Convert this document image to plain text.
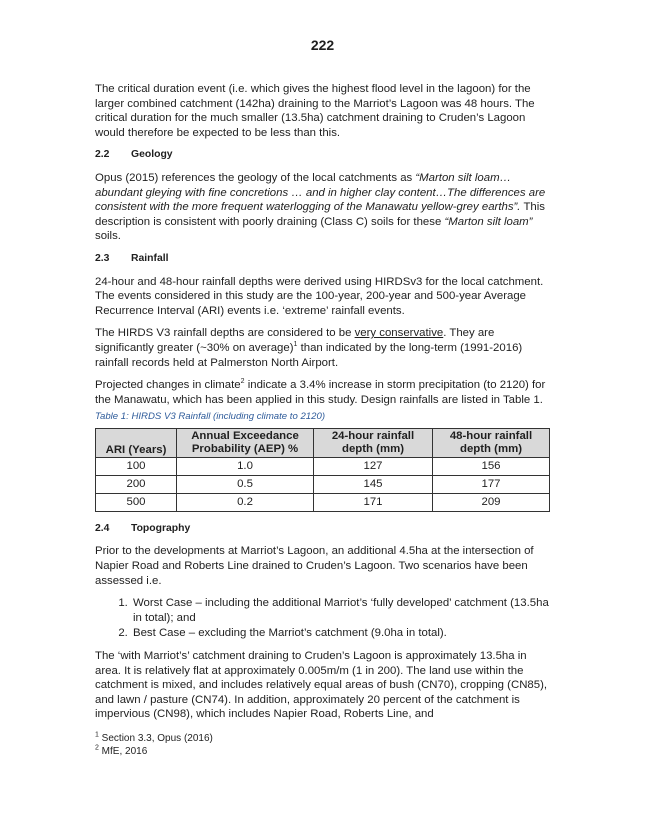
222

The critical duration event (i.e. which gives the highest flood level in the lagoon) for the larger combined catchment (142ha) draining to the Marriot’s Lagoon was 48 hours. The critical duration for the much smaller (13.5ha) catchment draining to Cruden’s Lagoon would therefore be expected to be less than this.

2.2 Geology

Opus (2015) references the geology of the local catchments as “Marton silt loam…abundant gleying with fine concretions … and in higher clay content…The differences are consistent with the more frequent waterlogging of the Manawatu yellow-grey earths”. This description is consistent with poorly draining (Class C) soils for these “Marton silt loam” soils.

2.3 Rainfall

24-hour and 48-hour rainfall depths were derived using HIRDSv3 for the local catchment. The events considered in this study are the 100-year, 200-year and 500-year Average Recurrence Interval (ARI) events i.e. ‘extreme’ rainfall events.

The HIRDS V3 rainfall depths are considered to be very conservative. They are significantly greater (~30% on average)$^1$ than indicated by the long-term (1991-2016) rainfall records held at Palmerston North Airport.

Projected changes in climate$^2$ indicate a 3.4% increase in storm precipitation (to 2120) for the Manawatu, which has been applied in this study. Design rainfalls are listed in Table 1.

Table 1: HIRDS V3 Rainfall (including climate to 2120)
ARI (Years)	Annual Exceedance Probability (AEP) %	24-hour rainfall depth (mm)	48-hour rainfall depth (mm)
100	1.0	127	156
200	0.5	145	177
500	0.2	171	209
2.4 Topography

Prior to the developments at Marriot’s Lagoon, an additional 4.5ha at the intersection of Napier Road and Roberts Line drained to Cruden’s Lagoon. Two scenarios have been assessed i.e.

1. Worst Case – including the additional Marriot’s ‘fully developed’ catchment (13.5ha in total); and
2. Best Case – excluding the Marriot’s catchment (9.0ha in total).

The ‘with Marriot’s’ catchment draining to Cruden’s Lagoon is approximately 13.5ha in area. It is relatively flat at approximately 0.005m/m (1 in 200). The land use within the catchment is mixed, and includes relatively equal areas of bush (CN70), cropping (CN85), and lawn / pasture (CN74). In addition, approximately 20 percent of the catchment is impervious (CN98), which includes Napier Road, Roberts Line, and

$^1$ Section 3.3, Opus (2016)
$^2$ MfE, 2016
